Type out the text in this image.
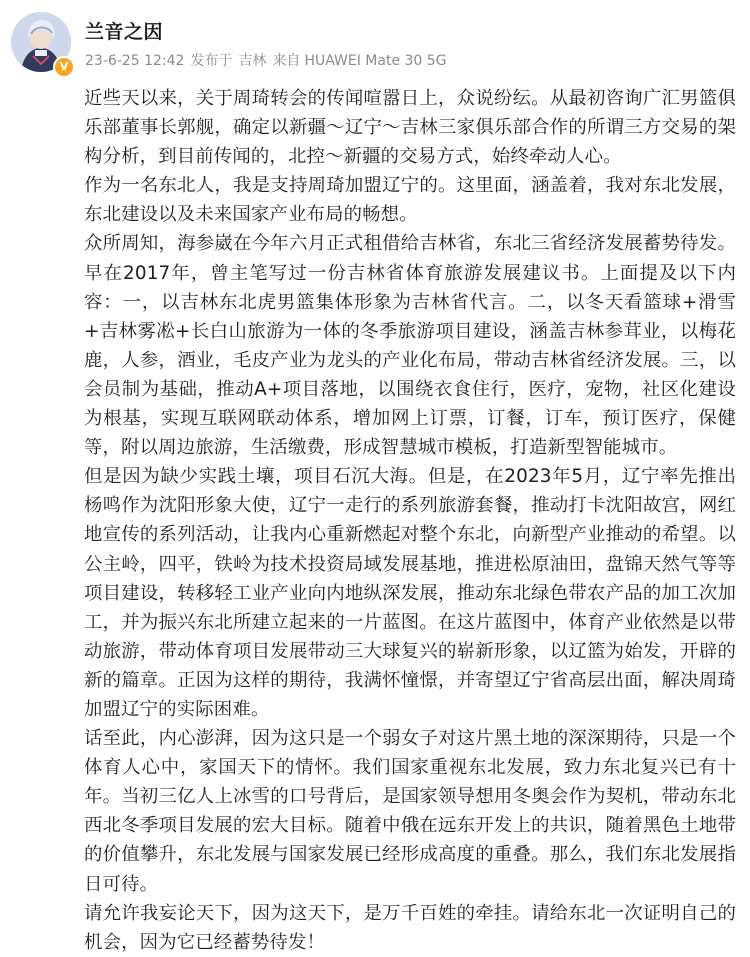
V
兰音之因
23-6-25 12:42 发布于 吉林 来自 HUAWEI Mate 30 5G

近些天以来，关于周琦转会的传闻喧嚣日上，众说纷纭。从最初咨询广汇男篮俱乐部董事长郭舰，确定以新疆～辽宁～吉林三家俱乐部合作的所谓三方交易的架构分析，到目前传闻的，北控～新疆的交易方式，始终牵动人心。

作为一名东北人，我是支持周琦加盟辽宁的。这里面，涵盖着，我对东北发展，东北建设以及未来国家产业布局的畅想。

众所周知，海参崴在今年六月正式租借给吉林省，东北三省经济发展蓄势待发。早在2017年，曾主笔写过一份吉林省体育旅游发展建议书。上面提及以下内容：一，以吉林东北虎男篮集体形象为吉林省代言。二，以冬天看篮球+滑雪+吉林雾凇+长白山旅游为一体的冬季旅游项目建设，涵盖吉林参茸业，以梅花鹿，人参，酒业，毛皮产业为龙头的产业化布局，带动吉林省经济发展。三，以会员制为基础，推动A+项目落地，以围绕衣食住行，医疗，宠物，社区化建设为根基，实现互联网联动体系，增加网上订票，订餐，订车，预订医疗，保健等，附以周边旅游，生活缴费，形成智慧城市模板，打造新型智能城市。

但是因为缺少实践土壤，项目石沉大海。但是，在2023年5月，辽宁率先推出杨鸣作为沈阳形象大使，辽宁一走行的系列旅游套餐，推动打卡沈阳故宫，网红地宣传的系列活动，让我内心重新燃起对整个东北，向新型产业推动的希望。以公主岭，四平，铁岭为技术投资局域发展基地，推进松原油田，盘锦天然气等等项目建设，转移轻工业产业向内地纵深发展，推动东北绿色带农产品的加工次加工，并为振兴东北所建立起来的一片蓝图。在这片蓝图中，体育产业依然是以带动旅游，带动体育项目发展带动三大球复兴的崭新形象，以辽篮为始发，开辟的新的篇章。正因为这样的期待，我满怀憧憬，并寄望辽宁省高层出面，解决周琦加盟辽宁的实际困难。

话至此，内心澎湃，因为这只是一个弱女子对这片黑土地的深深期待，只是一个体育人心中，家国天下的情怀。我们国家重视东北发展，致力东北复兴已有十年。当初三亿人上冰雪的口号背后，是国家领导想用冬奥会作为契机，带动东北西北冬季项目发展的宏大目标。随着中俄在远东开发上的共识，随着黑色土地带的价值攀升，东北发展与国家发展已经形成高度的重叠。那么，我们东北发展指日可待。

请允许我妄论天下，因为这天下，是万千百姓的牵挂。请给东北一次证明自己的机会，因为它已经蓄势待发！
